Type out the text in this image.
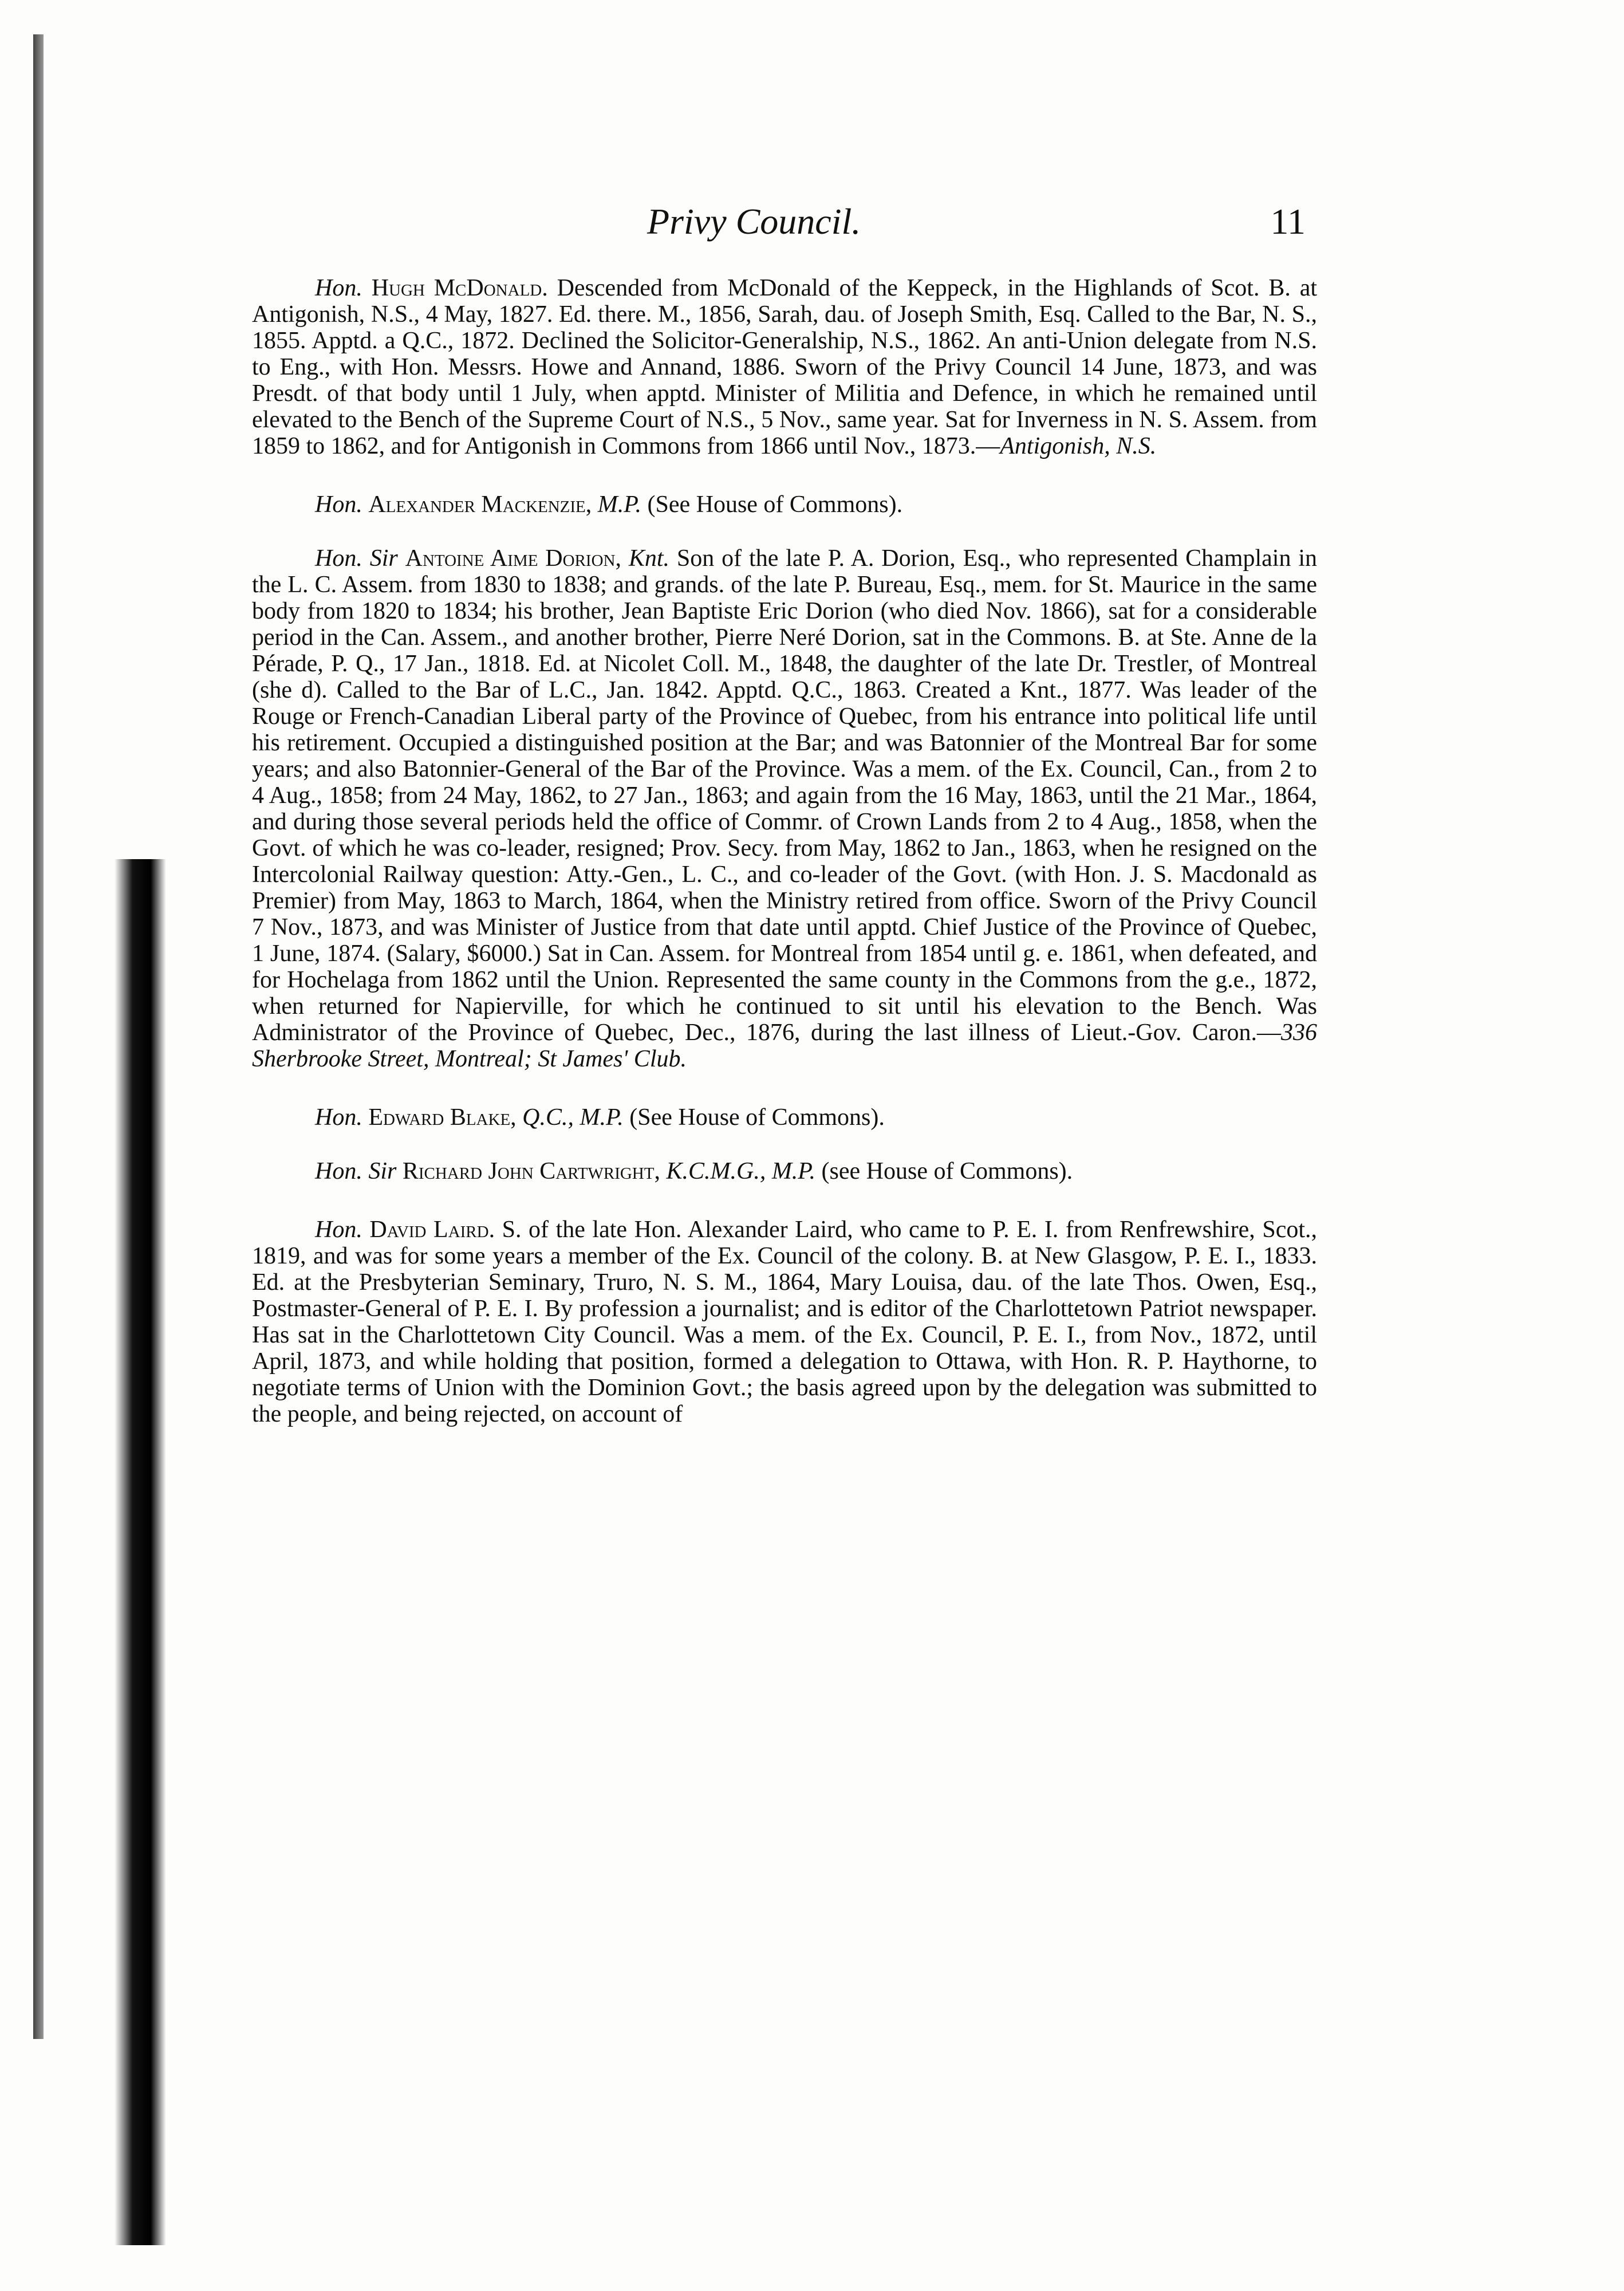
Privy Council.	11

Hon. Hugh McDonald. Descended from McDonald of the Keppeck, in the Highlands of Scot. B. at Antigonish, N.S., 4 May, 1827. Ed. there. M., 1856, Sarah, dau. of Joseph Smith, Esq. Called to the Bar, N. S., 1855. Apptd. a Q.C., 1872. Declined the Solicitor-Generalship, N.S., 1862. An anti-Union delegate from N.S. to Eng., with Hon. Messrs. Howe and Annand, 1886. Sworn of the Privy Council 14 June, 1873, and was Presdt. of that body until 1 July, when apptd. Minister of Militia and Defence, in which he remained until elevated to the Bench of the Supreme Court of N.S., 5 Nov., same year. Sat for Inverness in N. S. Assem. from 1859 to 1862, and for Antigonish in Commons from 1866 until Nov., 1873.—Antigonish, N.S.

Hon. Alexander Mackenzie, M.P. (See House of Commons).

Hon. Sir Antoine Aime Dorion, Knt. Son of the late P. A. Dorion, Esq., who represented Champlain in the L. C. Assem. from 1830 to 1838; and grands. of the late P. Bureau, Esq., mem. for St. Maurice in the same body from 1820 to 1834; his brother, Jean Baptiste Eric Dorion (who died Nov. 1866), sat for a considerable period in the Can. Assem., and another brother, Pierre Neré Dorion, sat in the Commons. B. at Ste. Anne de la Pérade, P. Q., 17 Jan., 1818. Ed. at Nicolet Coll. M., 1848, the daughter of the late Dr. Trestler, of Montreal (she d). Called to the Bar of L.C., Jan. 1842. Apptd. Q.C., 1863. Created a Knt., 1877. Was leader of the Rouge or French-Canadian Liberal party of the Province of Quebec, from his entrance into political life until his retirement. Occupied a distinguished position at the Bar; and was Batonnier of the Montreal Bar for some years; and also Batonnier-General of the Bar of the Province. Was a mem. of the Ex. Council, Can., from 2 to 4 Aug., 1858; from 24 May, 1862, to 27 Jan., 1863; and again from the 16 May, 1863, until the 21 Mar., 1864, and during those several periods held the office of Commr. of Crown Lands from 2 to 4 Aug., 1858, when the Govt. of which he was co-leader, resigned; Prov. Secy. from May, 1862 to Jan., 1863, when he resigned on the Intercolonial Railway question: Atty.-Gen., L. C., and co-leader of the Govt. (with Hon. J. S. Macdonald as Premier) from May, 1863 to March, 1864, when the Ministry retired from office. Sworn of the Privy Council 7 Nov., 1873, and was Minister of Justice from that date until apptd. Chief Justice of the Province of Quebec, 1 June, 1874. (Salary, $6000.) Sat in Can. Assem. for Montreal from 1854 until g. e. 1861, when defeated, and for Hochelaga from 1862 until the Union. Represented the same county in the Commons from the g.e., 1872, when returned for Napierville, for which he continued to sit until his elevation to the Bench. Was Administrator of the Province of Quebec, Dec., 1876, during the last illness of Lieut.-Gov. Caron.—336 Sherbrooke Street, Montreal; St James' Club.

Hon. Edward Blake, Q.C., M.P. (See House of Commons).

Hon. Sir Richard John Cartwright, K.C.M.G., M.P. (see House of Commons).

Hon. David Laird. S. of the late Hon. Alexander Laird, who came to P. E. I. from Renfrewshire, Scot., 1819, and was for some years a member of the Ex. Council of the colony. B. at New Glasgow, P. E. I., 1833. Ed. at the Presbyterian Seminary, Truro, N. S. M., 1864, Mary Louisa, dau. of the late Thos. Owen, Esq., Postmaster-General of P. E. I. By profession a journalist; and is editor of the Charlottetown Patriot newspaper. Has sat in the Charlottetown City Council. Was a mem. of the Ex. Council, P. E. I., from Nov., 1872, until April, 1873, and while holding that position, formed a delegation to Ottawa, with Hon. R. P. Haythorne, to negotiate terms of Union with the Dominion Govt.; the basis agreed upon by the delegation was submitted to the people, and being rejected, on account of
